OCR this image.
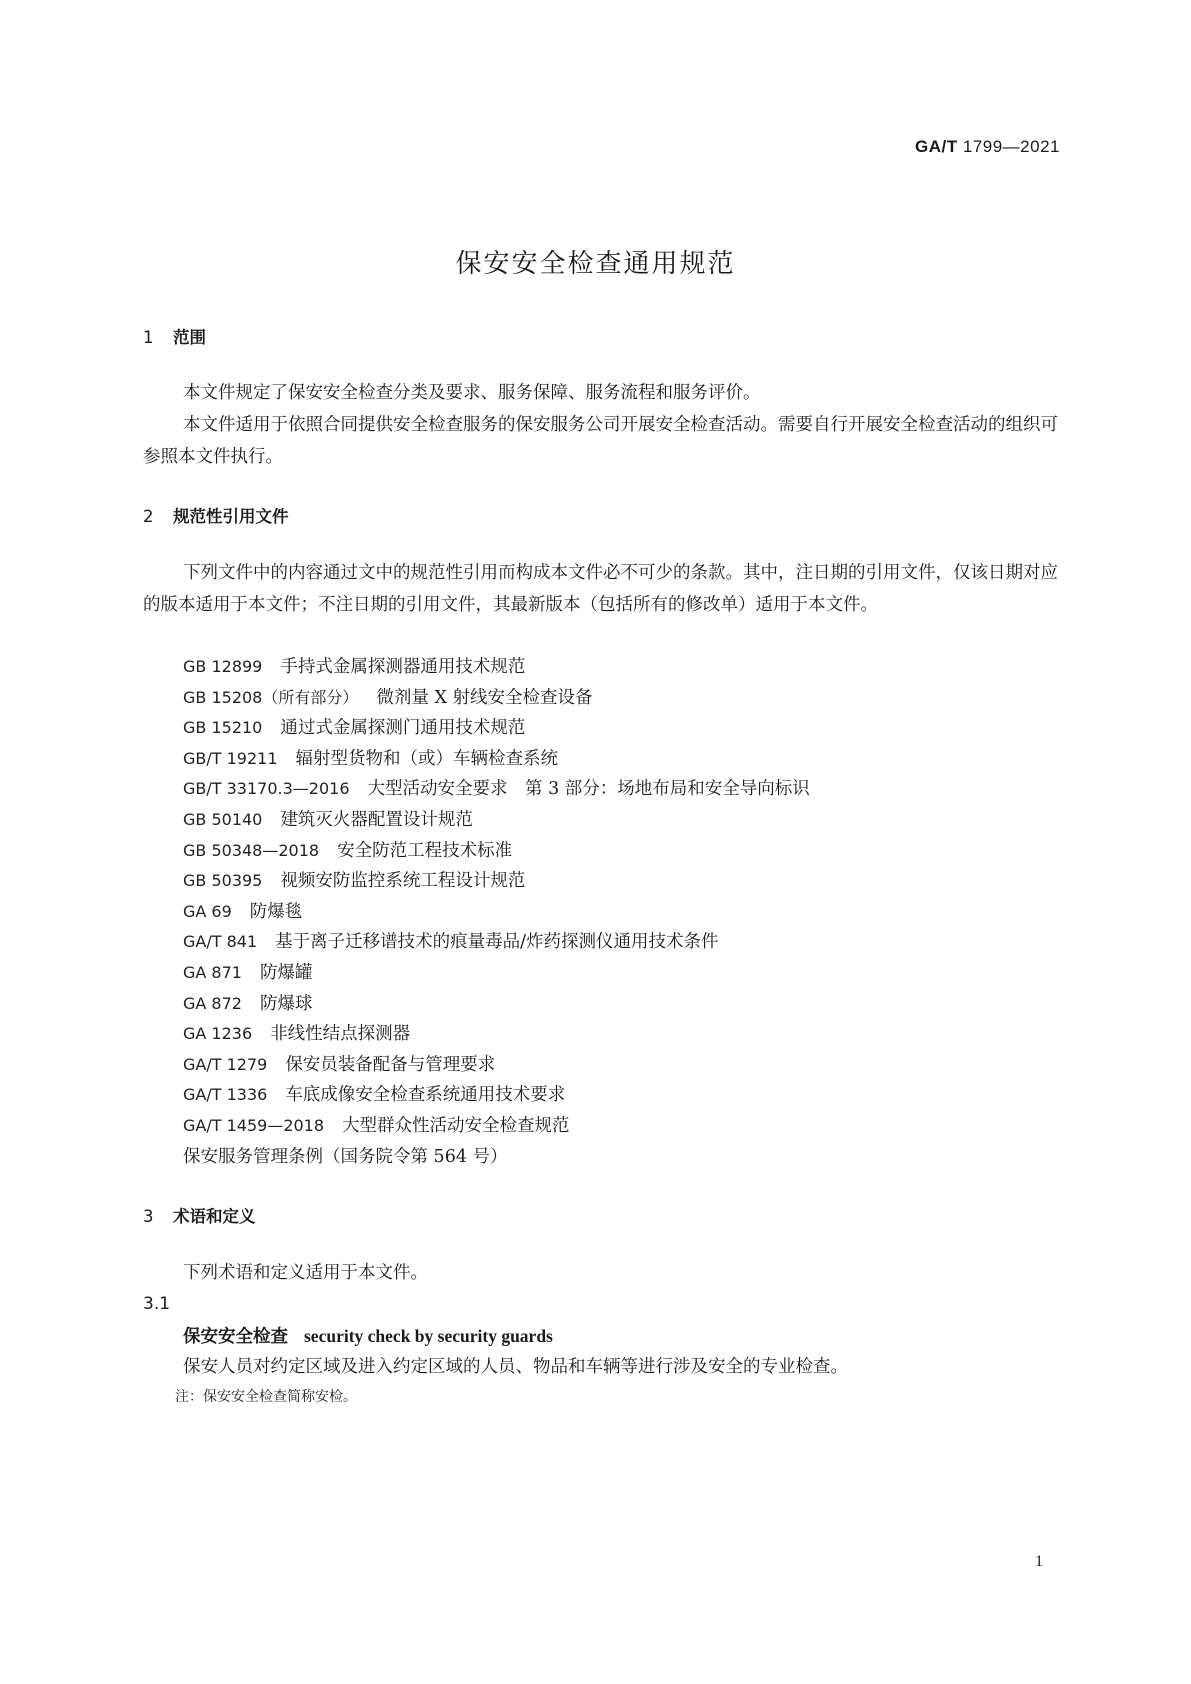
GA/T 1799—2021
保安安全检查通用规范
1 范围
本文件规定了保安安全检查分类及要求、服务保障、服务流程和服务评价。
本文件适用于依照合同提供安全检查服务的保安服务公司开展安全检查活动。需要自行开展安全检查活动的组织可参照本文件执行。
2 规范性引用文件
下列文件中的内容通过文中的规范性引用而构成本文件必不可少的条款。其中，注日期的引用文件，仅该日期对应的版本适用于本文件；不注日期的引用文件，其最新版本（包括所有的修改单）适用于本文件。
GB 12899 手持式金属探测器通用技术规范
GB 15208（所有部分） 微剂量 X 射线安全检查设备
GB 15210 通过式金属探测门通用技术规范
GB/T 19211 辐射型货物和（或）车辆检查系统
GB/T 33170.3—2016 大型活动安全要求　第 3 部分：场地布局和安全导向标识
GB 50140 建筑灭火器配置设计规范
GB 50348—2018 安全防范工程技术标准
GB 50395 视频安防监控系统工程设计规范
GA 69 防爆毯
GA/T 841 基于离子迁移谱技术的痕量毒品/炸药探测仪通用技术条件
GA 871 防爆罐
GA 872 防爆球
GA 1236 非线性结点探测器
GA/T 1279 保安员装备配备与管理要求
GA/T 1336 车底成像安全检查系统通用技术要求
GA/T 1459—2018 大型群众性活动安全检查规范
保安服务管理条例（国务院令第 564 号）
3 术语和定义
下列术语和定义适用于本文件。
3.1
保安安全检查 security check by security guards
保安人员对约定区域及进入约定区域的人员、物品和车辆等进行涉及安全的专业检查。
注：保安安全检查简称安检。
1
